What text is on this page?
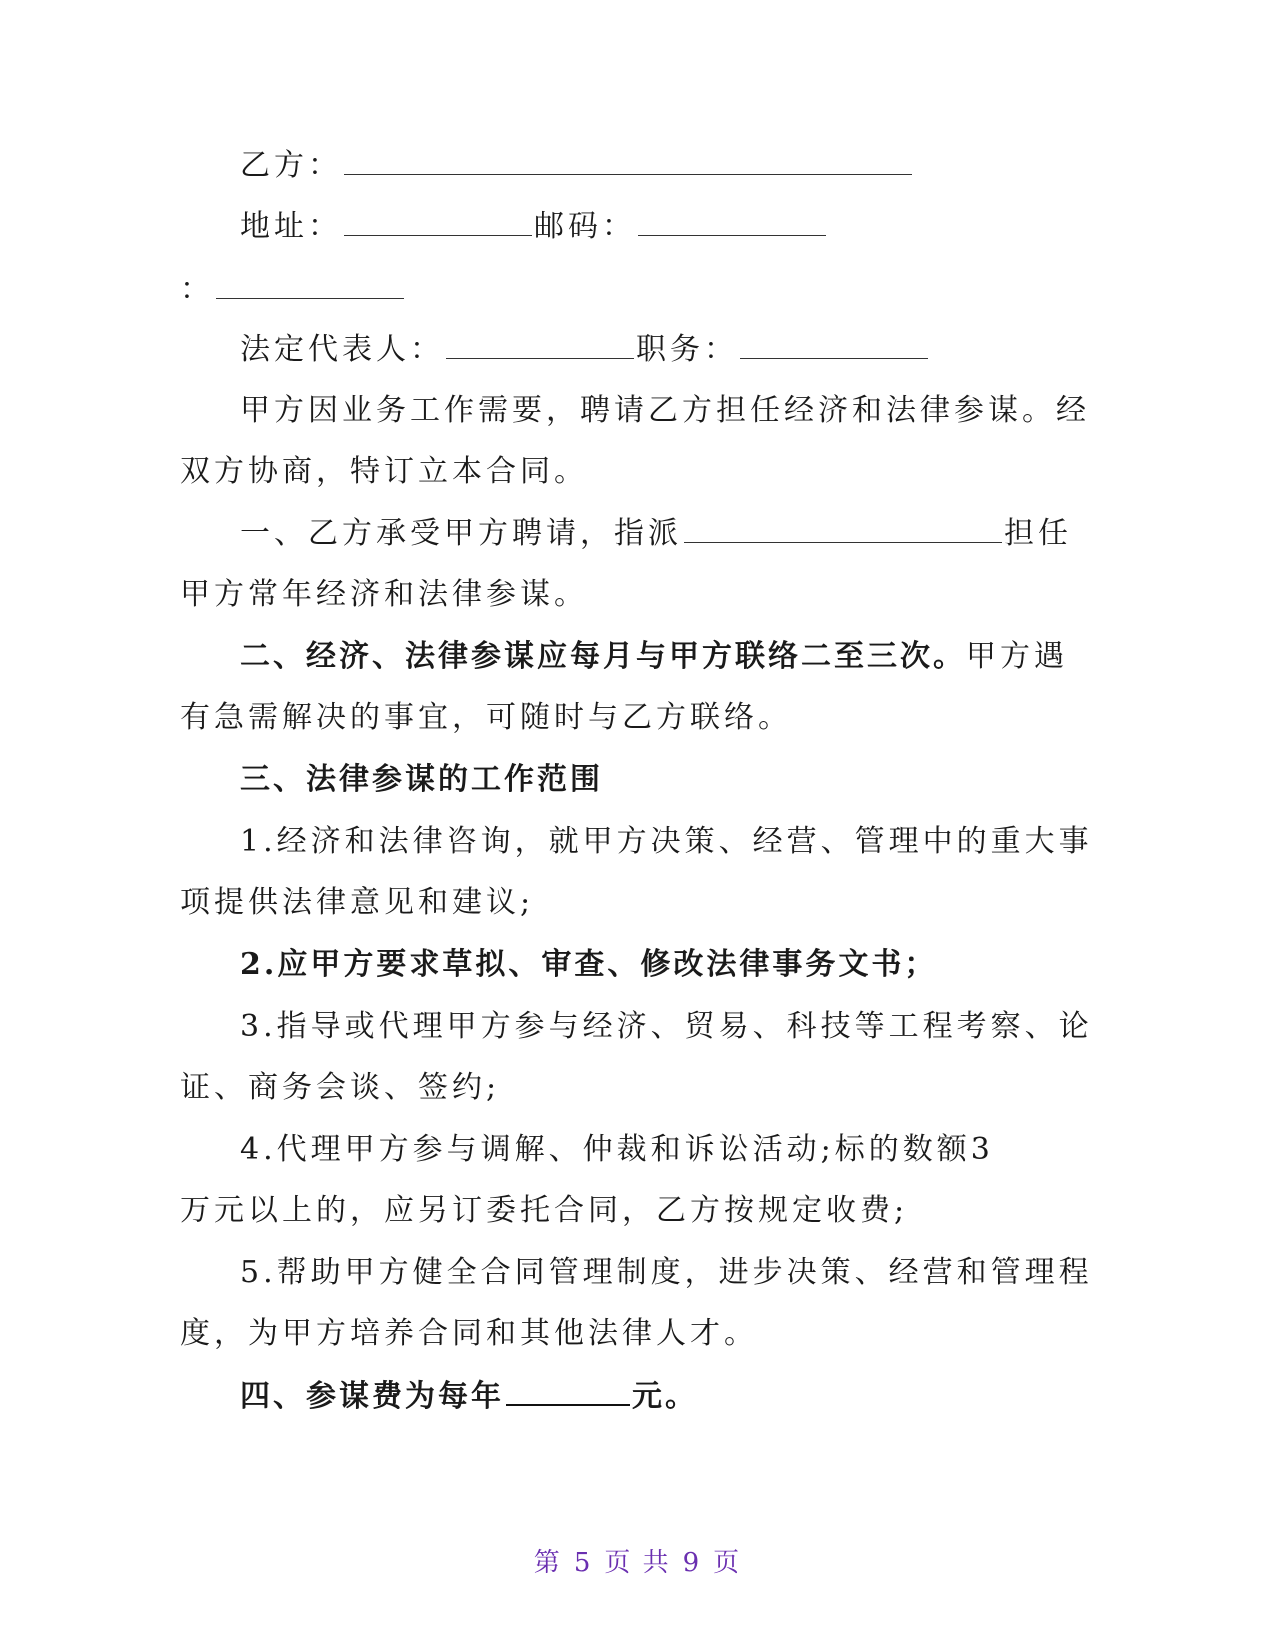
乙方：
地址：	邮码：
：
法定代表人：	职务：
甲方因业务工作需要，聘请乙方担任经济和法律参谋。经
双方协商，特订立本合同。
一、乙方承受甲方聘请，指派	担任
甲方常年经济和法律参谋。
二、经济、法律参谋应每月与甲方联络二至三次。甲方遇
有急需解决的事宜，可随时与乙方联络。
三、法律参谋的工作范围
1.经济和法律咨询，就甲方决策、经营、管理中的重大事
项提供法律意见和建议;
2.应甲方要求草拟、审查、修改法律事务文书；
3.指导或代理甲方参与经济、贸易、科技等工程考察、论
证、商务会谈、签约;
4.代理甲方参与调解、仲裁和诉讼活动;标的数额3
万元以上的，应另订委托合同，乙方按规定收费;
5.帮助甲方健全合同管理制度，进步决策、经营和管理程
度，为甲方培养合同和其他法律人才。
四、参谋费为每年	元。
第 5 页 共 9 页
